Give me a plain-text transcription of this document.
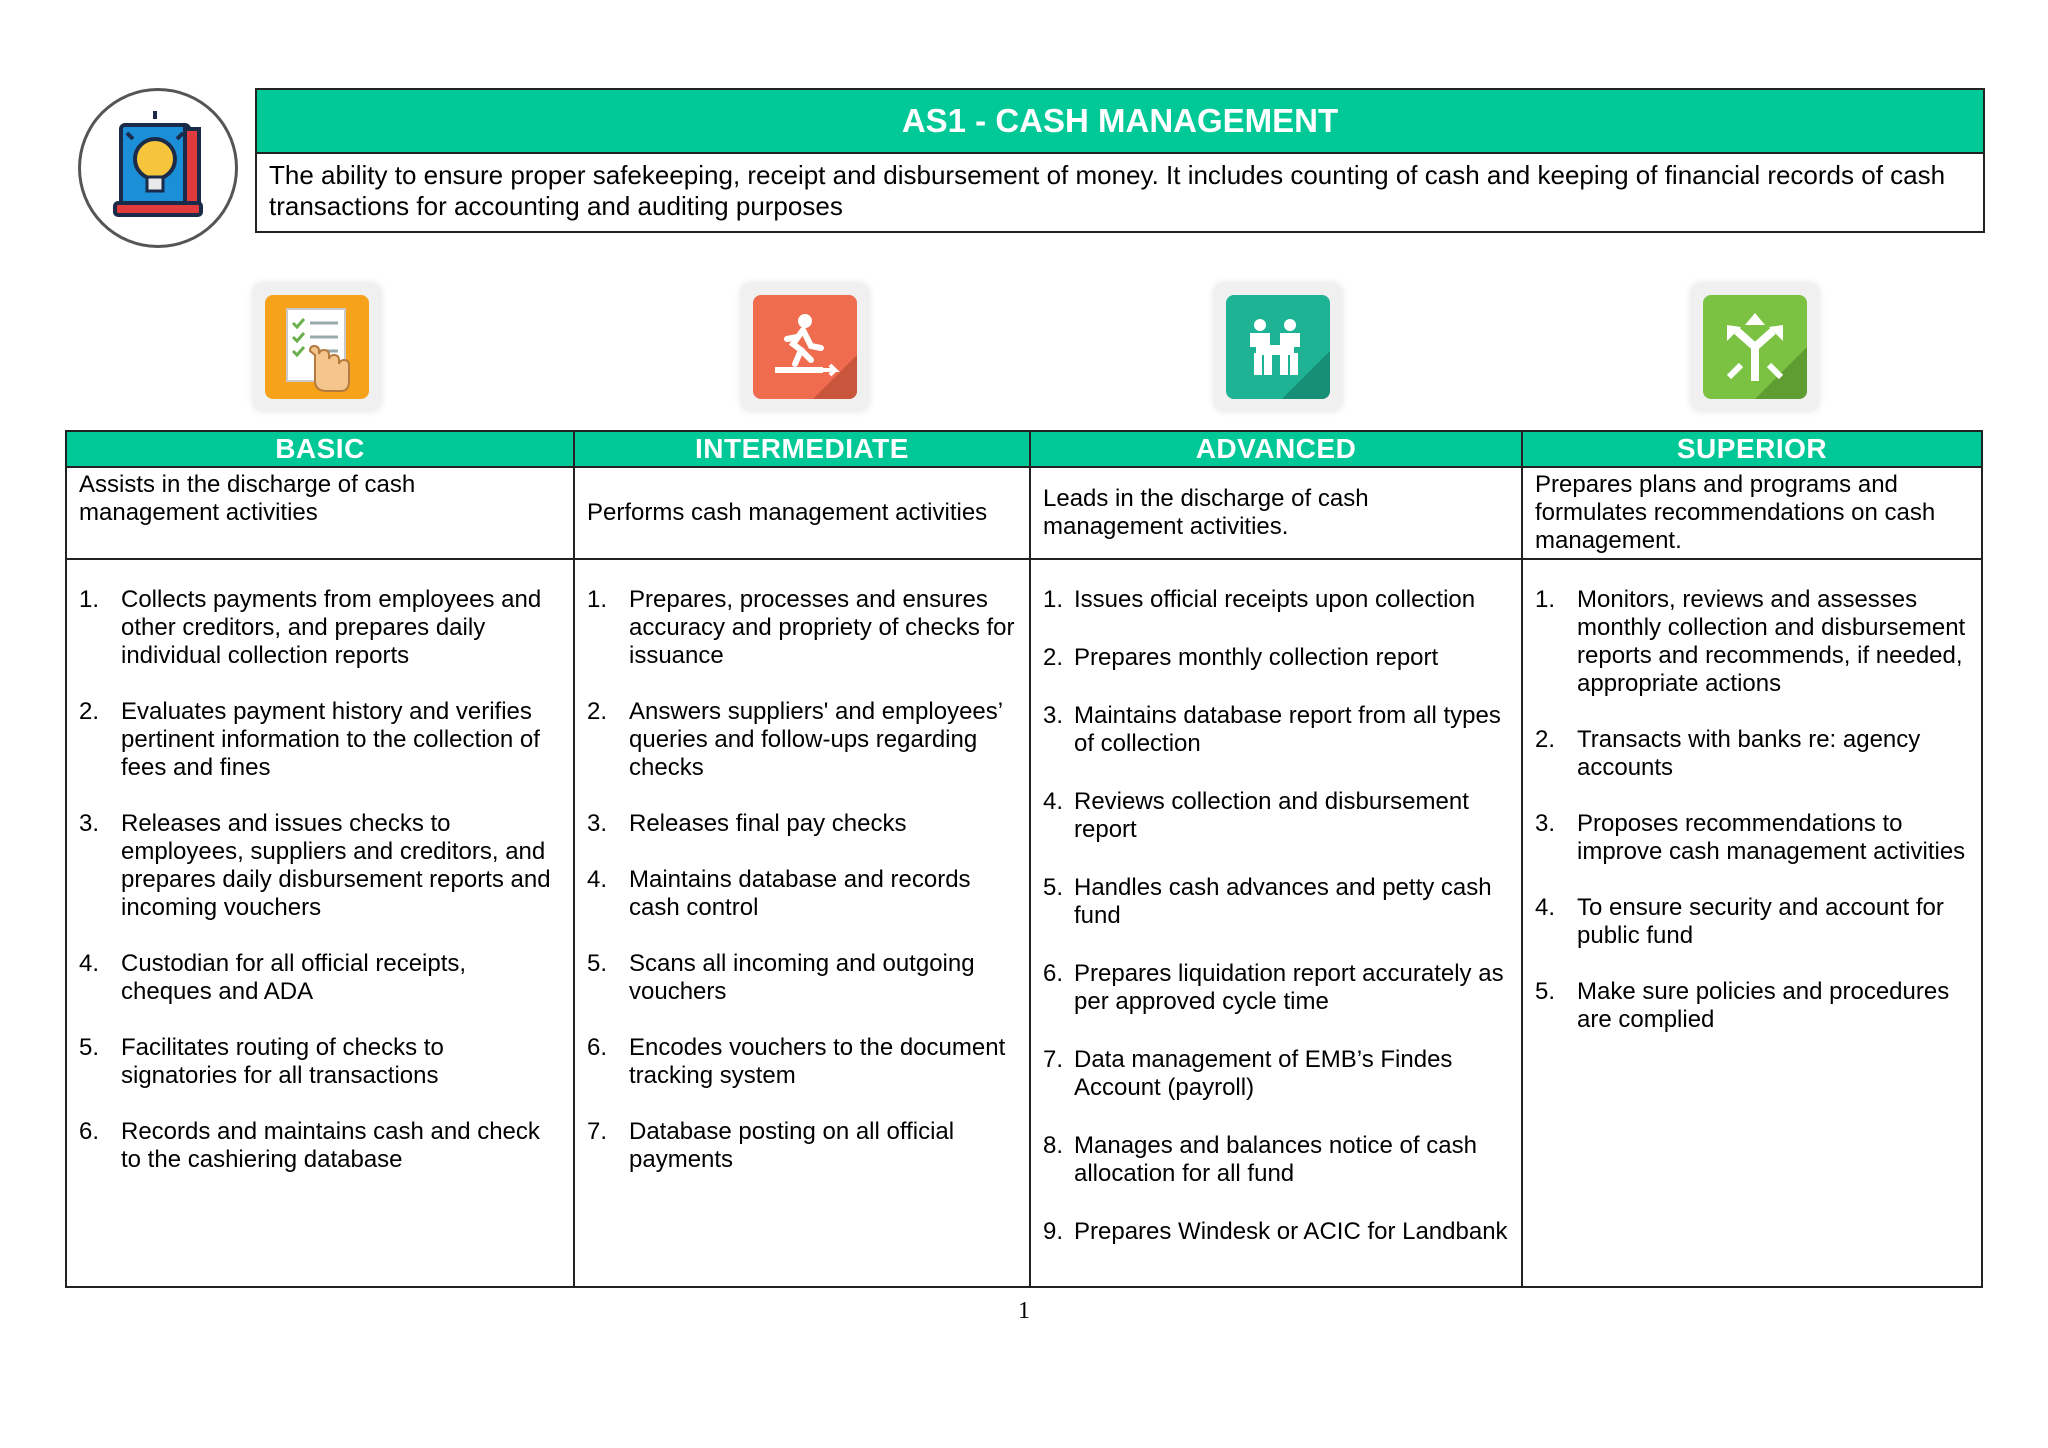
AS1 - CASH MANAGEMENT
The ability to ensure proper safekeeping, receipt and disbursement of money. It includes counting of cash and keeping of financial records of cash transactions for accounting and auditing purposes
BASIC
Assists in the discharge of cash management activities
1. Collects payments from employees and other creditors, and prepares daily individual collection reports
2. Evaluates payment history and verifies pertinent information to the collection of fees and fines
3. Releases and issues checks to employees, suppliers and creditors, and prepares daily disbursement reports and incoming vouchers
4. Custodian for all official receipts, cheques and ADA
5. Facilitates routing of checks to signatories for all transactions
6. Records and maintains cash and check to the cashiering database
INTERMEDIATE
Performs cash management activities
1. Prepares, processes and ensures accuracy and propriety of checks for issuance
2. Answers suppliers' and employees’ queries and follow-ups regarding checks
3. Releases final pay checks
4. Maintains database and records cash control
5. Scans all incoming and outgoing vouchers
6. Encodes vouchers to the document tracking system
7. Database posting on all official payments
ADVANCED
Leads in the discharge of cash management activities.
1. Issues official receipts upon collection
2. Prepares monthly collection report
3. Maintains database report from all types of collection
4. Reviews collection and disbursement report
5. Handles cash advances and petty cash fund
6. Prepares liquidation report accurately as per approved cycle time
7. Data management of EMB’s Findes Account (payroll)
8. Manages and balances notice of cash allocation for all fund
9. Prepares Windesk or ACIC for Landbank
SUPERIOR
Prepares plans and programs and formulates recommendations on cash management.
1. Monitors, reviews and assesses monthly collection and disbursement reports and recommends, if needed, appropriate actions
2. Transacts with banks re: agency accounts
3. Proposes recommendations to improve cash management activities
4. To ensure security and account for public fund
5. Make sure policies and procedures are complied
1
